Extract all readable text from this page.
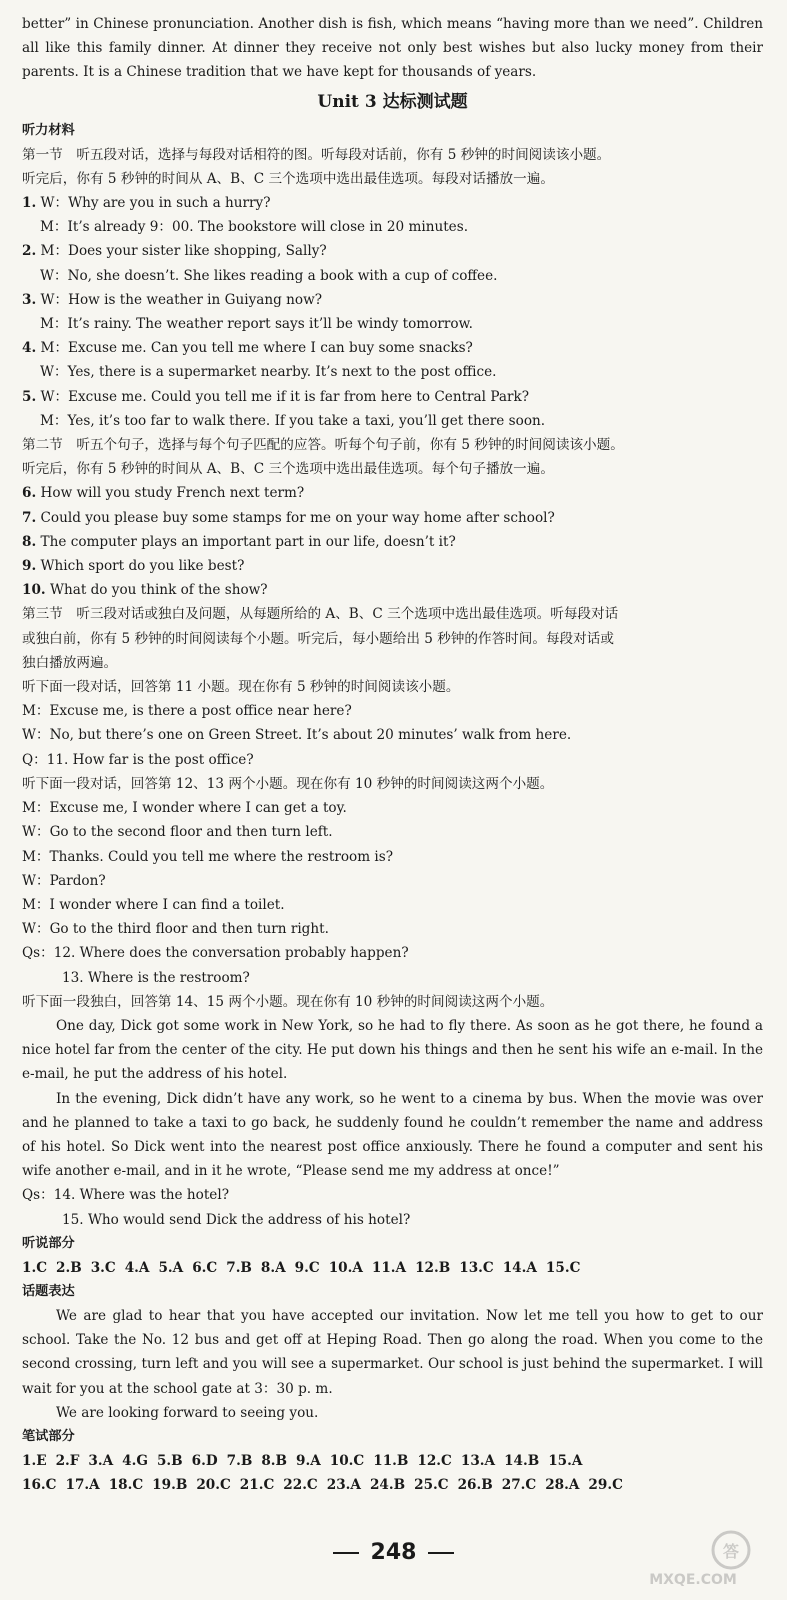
better” in Chinese pronunciation. Another dish is fish, which means “having more than we need”. Children all like this family dinner. At dinner they receive not only best wishes but also lucky money from their parents. It is a Chinese tradition that we have kept for thousands of years.
Unit 3 达标测试题
听力材料
第一节　听五段对话，选择与每段对话相符的图。听每段对话前，你有 5 秒钟的时间阅读该小题。
听完后，你有 5 秒钟的时间从 A、B、C 三个选项中选出最佳选项。每段对话播放一遍。
1. W：Why are you in such a hurry?
M：It’s already 9：00. The bookstore will close in 20 minutes.
2. M：Does your sister like shopping, Sally?
W：No, she doesn’t. She likes reading a book with a cup of coffee.
3. W：How is the weather in Guiyang now?
M：It’s rainy. The weather report says it’ll be windy tomorrow.
4. M：Excuse me. Can you tell me where I can buy some snacks?
W：Yes, there is a supermarket nearby. It’s next to the post office.
5. W：Excuse me. Could you tell me if it is far from here to Central Park?
M：Yes, it’s too far to walk there. If you take a taxi, you’ll get there soon.
第二节　听五个句子，选择与每个句子匹配的应答。听每个句子前，你有 5 秒钟的时间阅读该小题。
听完后，你有 5 秒钟的时间从 A、B、C 三个选项中选出最佳选项。每个句子播放一遍。
6. How will you study French next term?
7. Could you please buy some stamps for me on your way home after school?
8. The computer plays an important part in our life, doesn’t it?
9. Which sport do you like best?
10. What do you think of the show?
第三节　听三段对话或独白及问题，从每题所给的 A、B、C 三个选项中选出最佳选项。听每段对话
或独白前，你有 5 秒钟的时间阅读每个小题。听完后，每小题给出 5 秒钟的作答时间。每段对话或
独白播放两遍。
听下面一段对话，回答第 11 小题。现在你有 5 秒钟的时间阅读该小题。
M：Excuse me, is there a post office near here?
W：No, but there’s one on Green Street. It’s about 20 minutes’ walk from here.
Q：11. How far is the post office?
听下面一段对话，回答第 12、13 两个小题。现在你有 10 秒钟的时间阅读这两个小题。
M：Excuse me, I wonder where I can get a toy.
W：Go to the second floor and then turn left.
M：Thanks. Could you tell me where the restroom is?
W：Pardon?
M：I wonder where I can find a toilet.
W：Go to the third floor and then turn right.
Qs：12. Where does the conversation probably happen?
13. Where is the restroom?
听下面一段独白，回答第 14、15 两个小题。现在你有 10 秒钟的时间阅读这两个小题。
One day, Dick got some work in New York, so he had to fly there. As soon as he got there, he found a nice hotel far from the center of the city. He put down his things and then he sent his wife an e-mail. In the e-mail, he put the address of his hotel.
In the evening, Dick didn’t have any work, so he went to a cinema by bus. When the movie was over and he planned to take a taxi to go back, he suddenly found he couldn’t remember the name and address of his hotel. So Dick went into the nearest post office anxiously. There he found a computer and sent his wife another e-mail, and in it he wrote, “Please send me my address at once!”
Qs：14. Where was the hotel?
15. Who would send Dick the address of his hotel?
听说部分
1.C 2.B 3.C 4.A 5.A 6.C 7.B 8.A 9.C 10.A 11.A 12.B 13.C 14.A 15.C
话题表达
We are glad to hear that you have accepted our invitation. Now let me tell you how to get to our school. Take the No. 12 bus and get off at Heping Road. Then go along the road. When you come to the second crossing, turn left and you will see a supermarket. Our school is just behind the supermarket. I will wait for you at the school gate at 3：30 p. m.
We are looking forward to seeing you.
笔试部分
1.E 2.F 3.A 4.G 5.B 6.D 7.B 8.B 9.A 10.C 11.B 12.C 13.A 14.B 15.A
16.C 17.A 18.C 19.B 20.C 21.C 22.C 23.A 24.B 25.C 26.B 27.C 28.A 29.C
248	答
MXQE.COM
